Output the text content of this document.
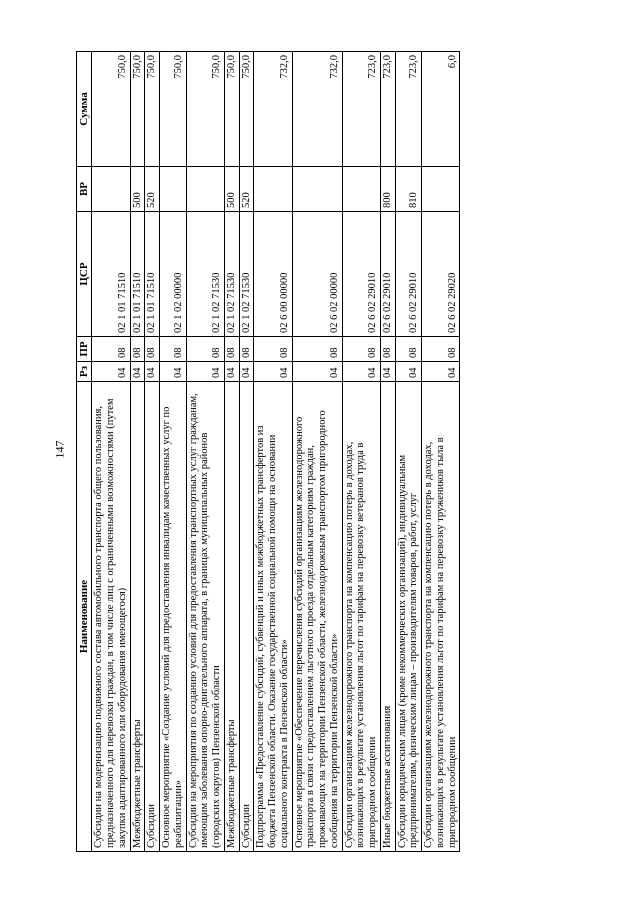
147
Наименование	Рз	ПР	ЦСР	ВР	Сумма
Субсидии на модернизацию подвижного состава автомобильного транспорта общего пользования, предназначенного для перевозки граждан, в том числе лиц с ограниченными возможностями (путем закупки адаптированного или оборудования имеющегося)	04	08	02 1 01 71510		750,0
Межбюджетные трансферты	04	08	02 1 01 71510	500	750,0
Субсидии	04	08	02 1 01 71510	520	750,0
Основное мероприятие «Создание условий для предоставления инвалидам качественных услуг по реабилитации»	04	08	02 1 02 00000		750,0
Субсидии на мероприятия по созданию условий для предоставления транспортных услуг гражданам, имеющим заболевания опорно-двигательного аппарата, в границах муниципальных районов (городских округов) Пензенской области	04	08	02 1 02 71530		750,0
Межбюджетные трансферты	04	08	02 1 02 71530	500	750,0
Субсидии	04	08	02 1 02 71530	520	750,0
Подпрограмма «Предоставление субсидий, субвенций и иных межбюджетных трансфертов из бюджета Пензенской области. Оказание государственной социальной помощи на основании социального контракта в Пензенской области»	04	08	02 6 00 00000		732,0
Основное мероприятие «Обеспечение перечисления субсидий организациям железнодорожного транспорта в связи с предоставлением льготного проезда отдельным категориям граждан, проживающих на территории Пензенской области, железнодорожным транспортом пригородного сообщения на территории Пензенской области»	04	08	02 6 02 00000		732,0
Субсидии организациям железнодорожного транспорта на компенсацию потерь в доходах, возникающих в результате установления льгот по тарифам на перевозку ветеранов труда в пригородном сообщении	04	08	02 6 02 29010		723,0
Иные бюджетные ассигнования	04	08	02 6 02 29010	800	723,0
Субсидии юридическим лицам (кроме некоммерческих организаций), индивидуальным предпринимателям, физическим лицам – производителям товаров, работ, услуг	04	08	02 6 02 29010	810	723,0
Субсидии организациям железнодорожного транспорта на компенсацию потерь в доходах, возникающих в результате установления льгот по тарифам на перевозку тружеников тыла в пригородном сообщении	04	08	02 6 02 29020		6,0
